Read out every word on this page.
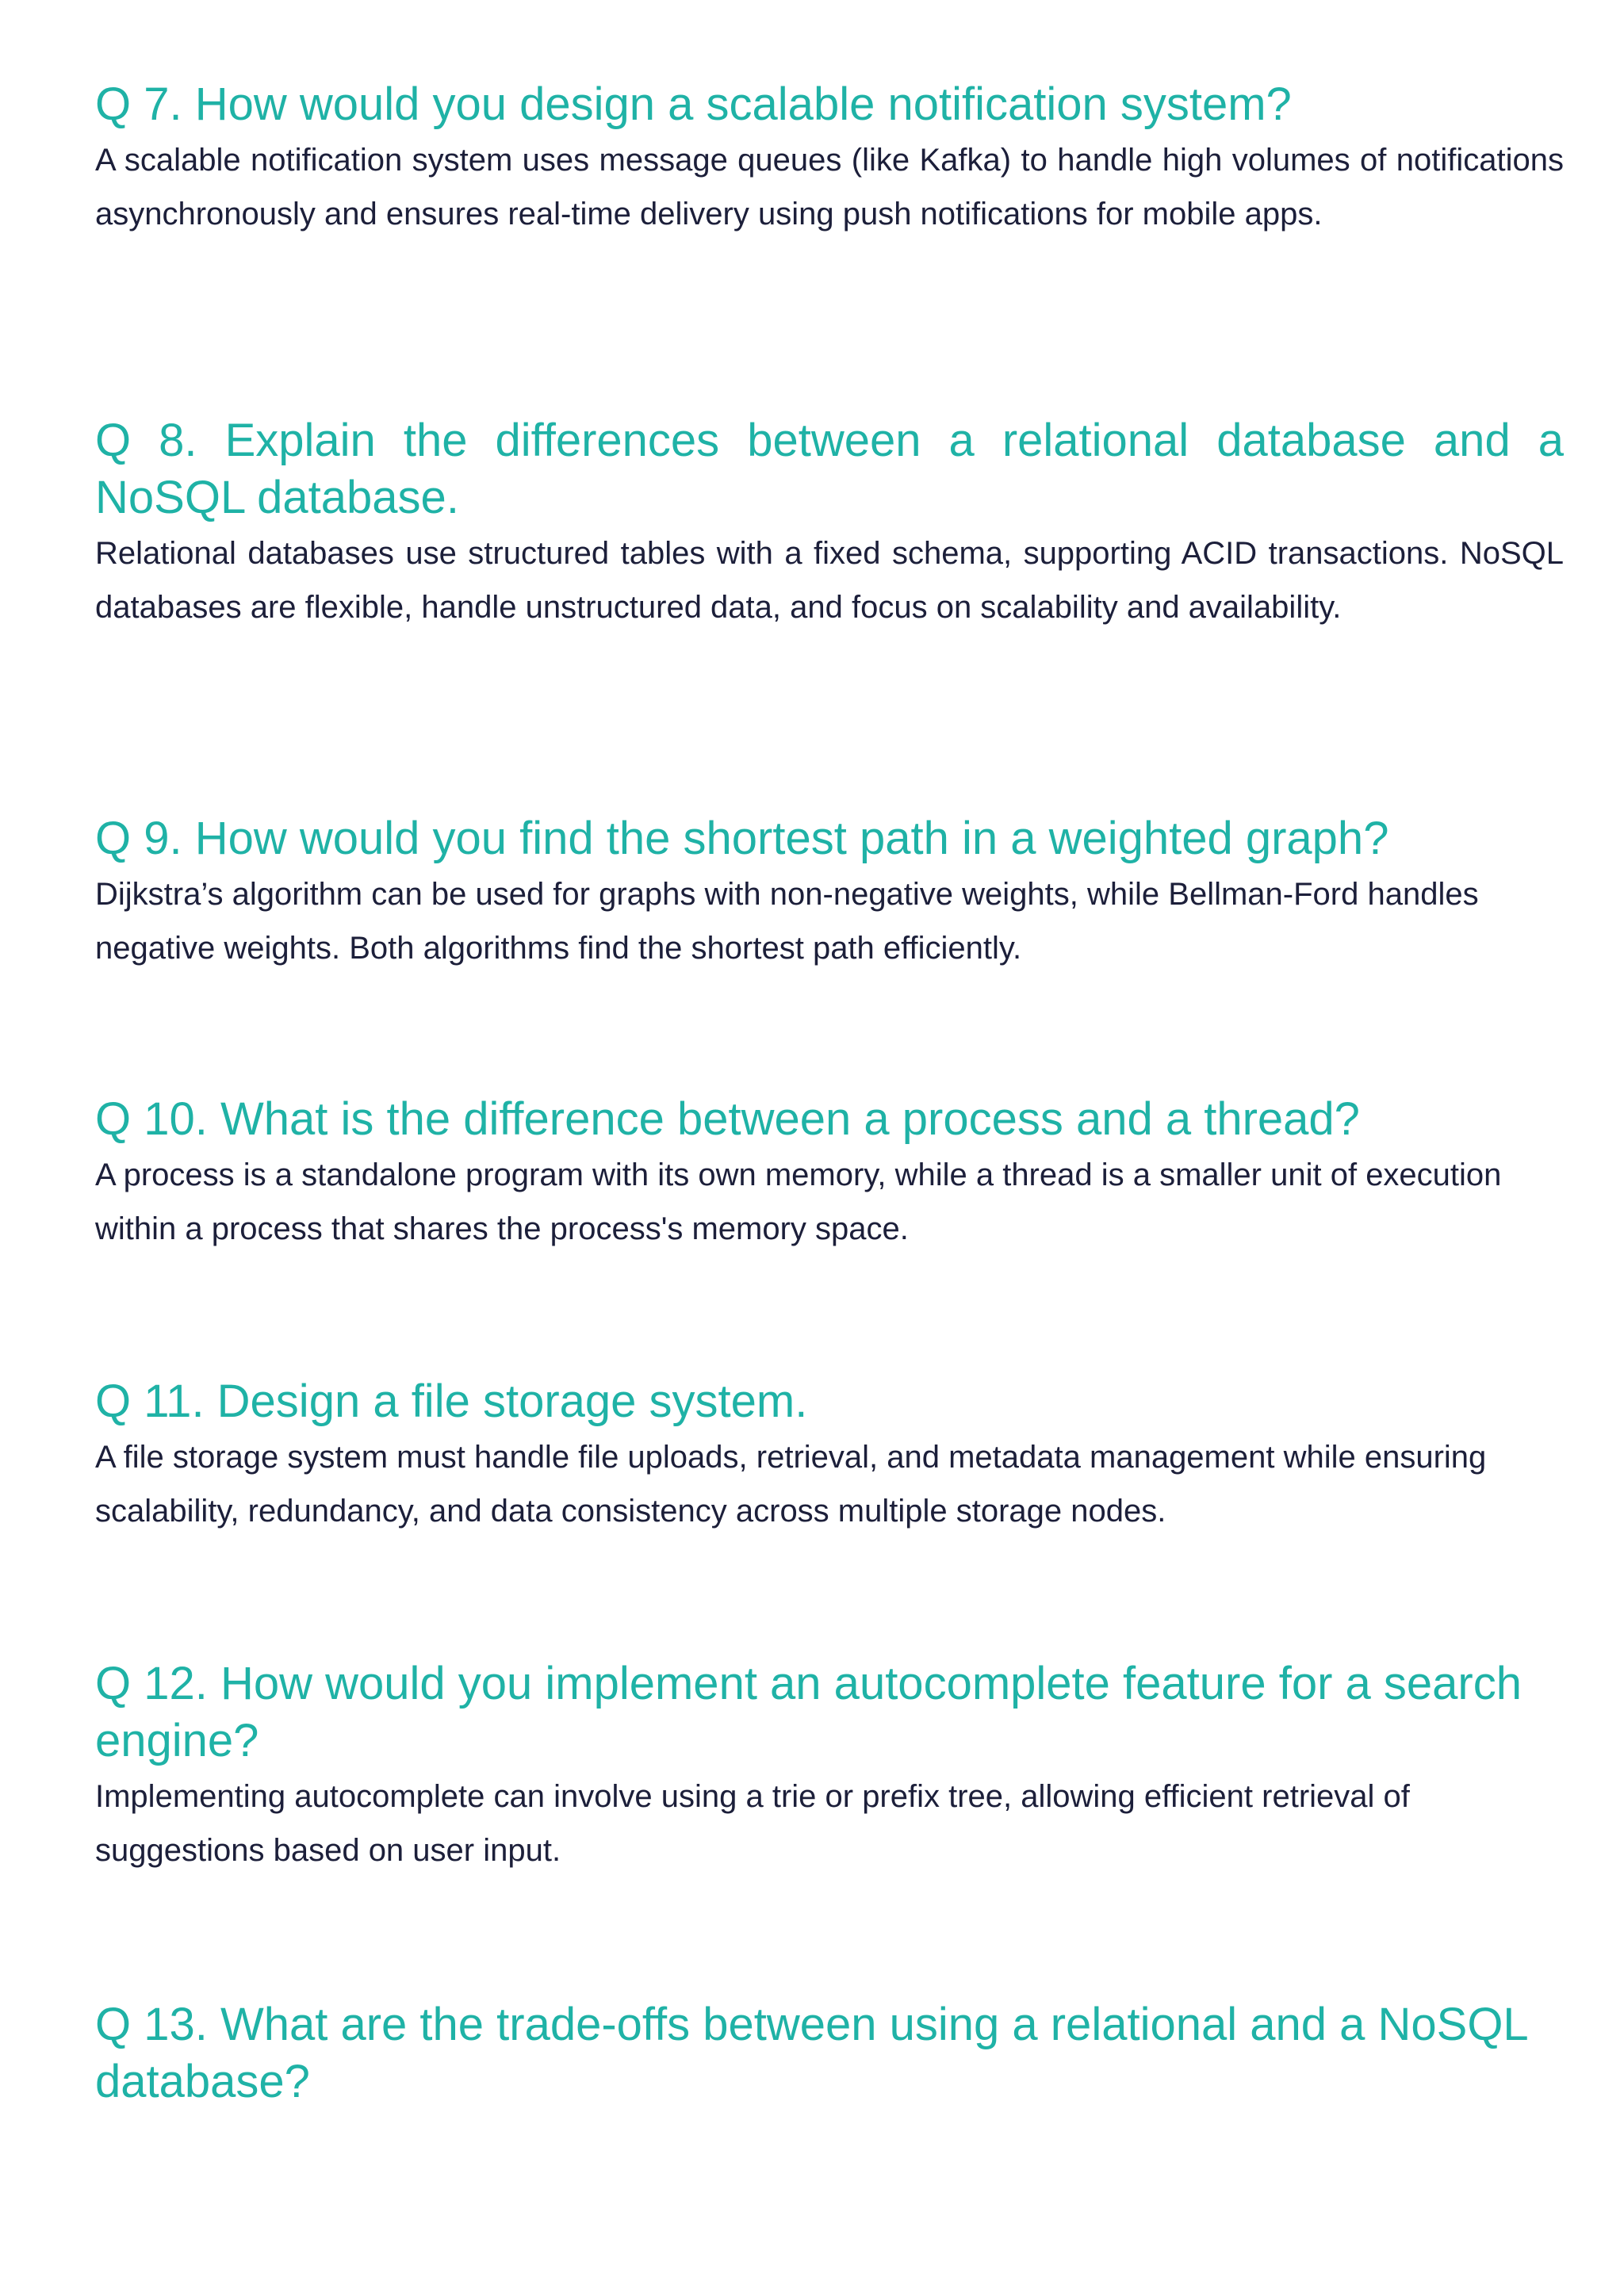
Q 7. How would you design a scalable notification system?

A scalable notification system uses message queues (like Kafka) to handle high volumes of notifications asynchronously and ensures real-time delivery using push notifications for mobile apps.

Q 8. Explain the differences between a relational database and a NoSQL database.

Relational databases use structured tables with a fixed schema, supporting ACID transactions. NoSQL databases are flexible, handle unstructured data, and focus on scalability and availability.

Q 9. How would you find the shortest path in a weighted graph?

Dijkstra’s algorithm can be used for graphs with non-negative weights, while Bellman-Ford handles negative weights. Both algorithms find the shortest path efficiently.

Q 10. What is the difference between a process and a thread?

A process is a standalone program with its own memory, while a thread is a smaller unit of execution within a process that shares the process's memory space.

Q 11. Design a file storage system.

A file storage system must handle file uploads, retrieval, and metadata management while ensuring scalability, redundancy, and data consistency across multiple storage nodes.

Q 12. How would you implement an autocomplete feature for a search engine?

Implementing autocomplete can involve using a trie or prefix tree, allowing efficient retrieval of suggestions based on user input.

Q 13. What are the trade-offs between using a relational and a NoSQL database?
